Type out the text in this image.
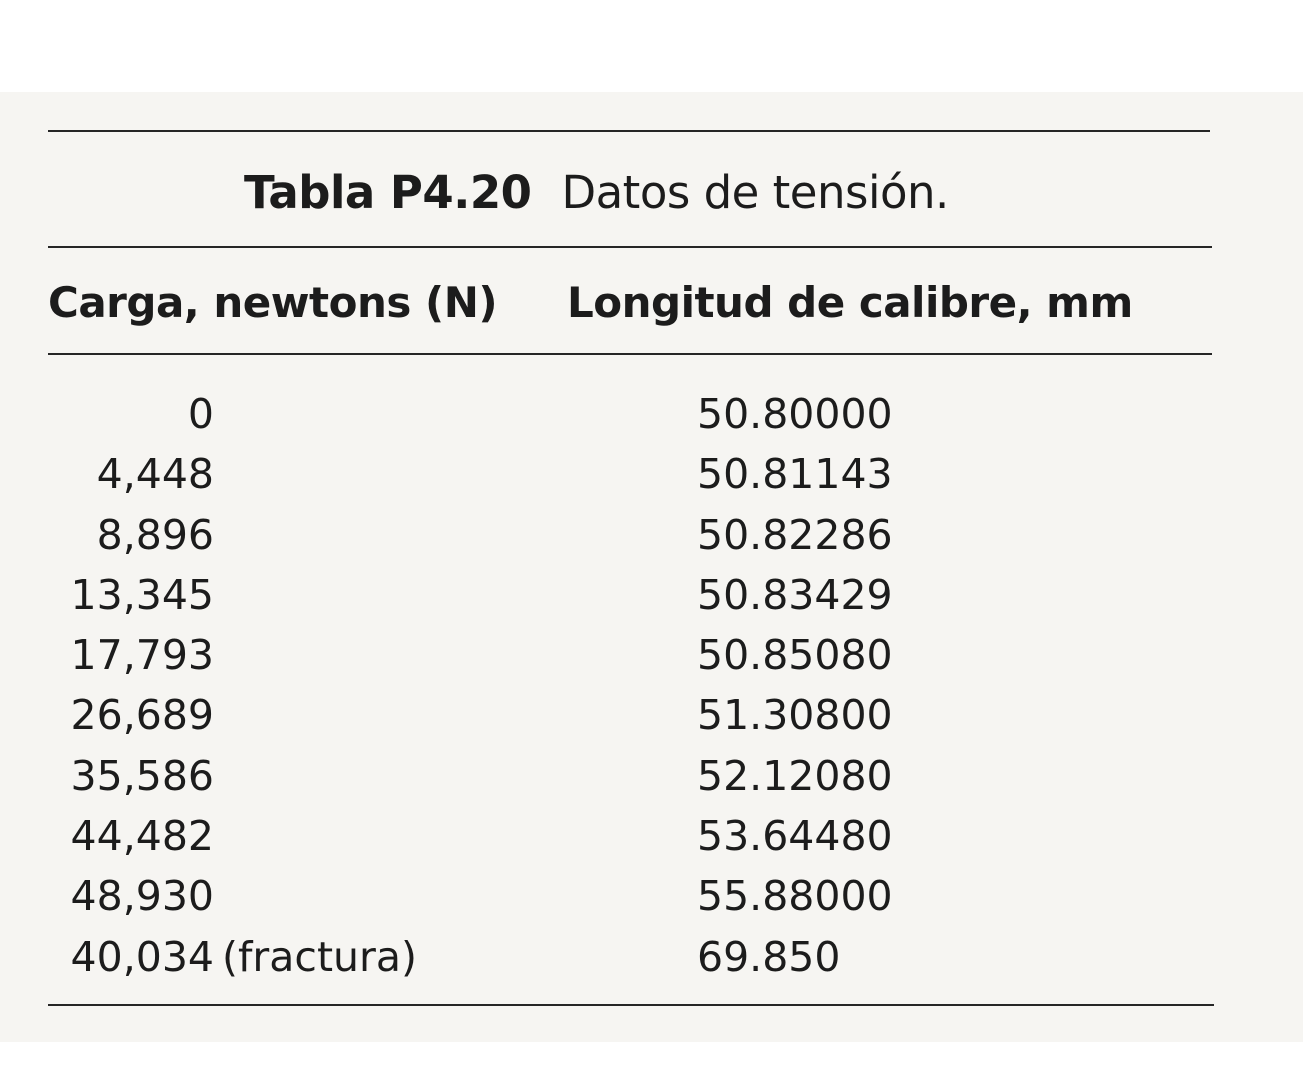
Tabla P4.20 Datos de tensión.
Carga, newtons (N) Longitud de calibre, mm
0	50.80000
4,448	50.81143
8,896	50.82286
13,345	50.83429
17,793	50.85080
26,689	51.30800
35,586	52.12080
44,482	53.64480
48,930	55.88000
40,034 (fractura)	69.850
